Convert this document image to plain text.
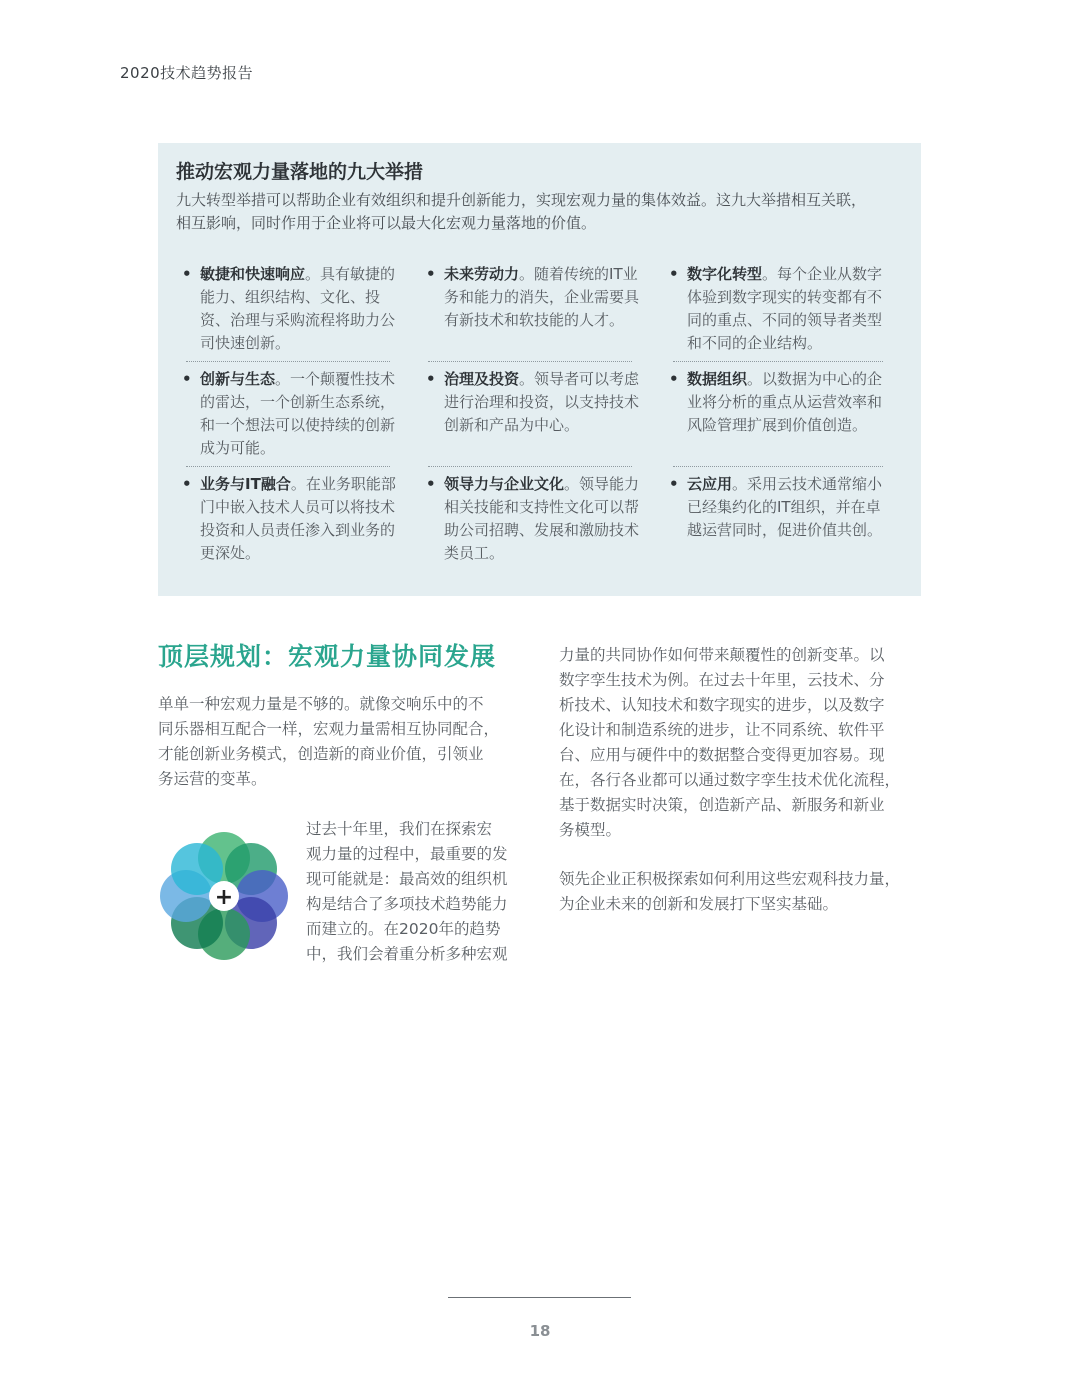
2020技术趋势报告
推动宏观力量落地的九大举措
九大转型举措可以帮助企业有效组织和提升创新能力，实现宏观力量的集体效益。这九大举措相互关联，
相互影响，同时作用于企业将可以最大化宏观力量落地的价值。
• 敏捷和快速响应。具有敏捷的
能力、组织结构、文化、投
资、治理与采购流程将助力公
司快速创新。
• 未来劳动力。随着传统的IT业
务和能力的消失，企业需要具
有新技术和软技能的人才。
• 数字化转型。每个企业从数字
体验到数字现实的转变都有不
同的重点、不同的领导者类型
和不同的企业结构。
• 创新与生态。一个颠覆性技术
的雷达，一个创新生态系统，
和一个想法可以使持续的创新
成为可能。
• 治理及投资。领导者可以考虑
进行治理和投资，以支持技术
创新和产品为中心。
• 数据组织。以数据为中心的企
业将分析的重点从运营效率和
风险管理扩展到价值创造。
• 业务与IT融合。在业务职能部
门中嵌入技术人员可以将技术
投资和人员责任渗入到业务的
更深处。
• 领导力与企业文化。领导能力
相关技能和支持性文化可以帮
助公司招聘、发展和激励技术
类员工。
• 云应用。采用云技术通常缩小
已经集约化的IT组织，并在卓
越运营同时，促进价值共创。
顶层规划：宏观力量协同发展
单单一种宏观力量是不够的。就像交响乐中的不
同乐器相互配合一样，宏观力量需相互协同配合，
才能创新业务模式，创造新的商业价值，引领业
务运营的变革。
+
过去十年里，我们在探索宏
观力量的过程中，最重要的发
现可能就是：最高效的组织机
构是结合了多项技术趋势能力
而建立的。在2020年的趋势
中，我们会着重分析多种宏观
力量的共同协作如何带来颠覆性的创新变革。以
数字孪生技术为例。在过去十年里，云技术、分
析技术、认知技术和数字现实的进步，以及数字
化设计和制造系统的进步，让不同系统、软件平
台、应用与硬件中的数据整合变得更加容易。现
在，各行各业都可以通过数字孪生技术优化流程，
基于数据实时决策，创造新产品、新服务和新业
务模型。
领先企业正积极探索如何利用这些宏观科技力量，
为企业未来的创新和发展打下坚实基础。
18
